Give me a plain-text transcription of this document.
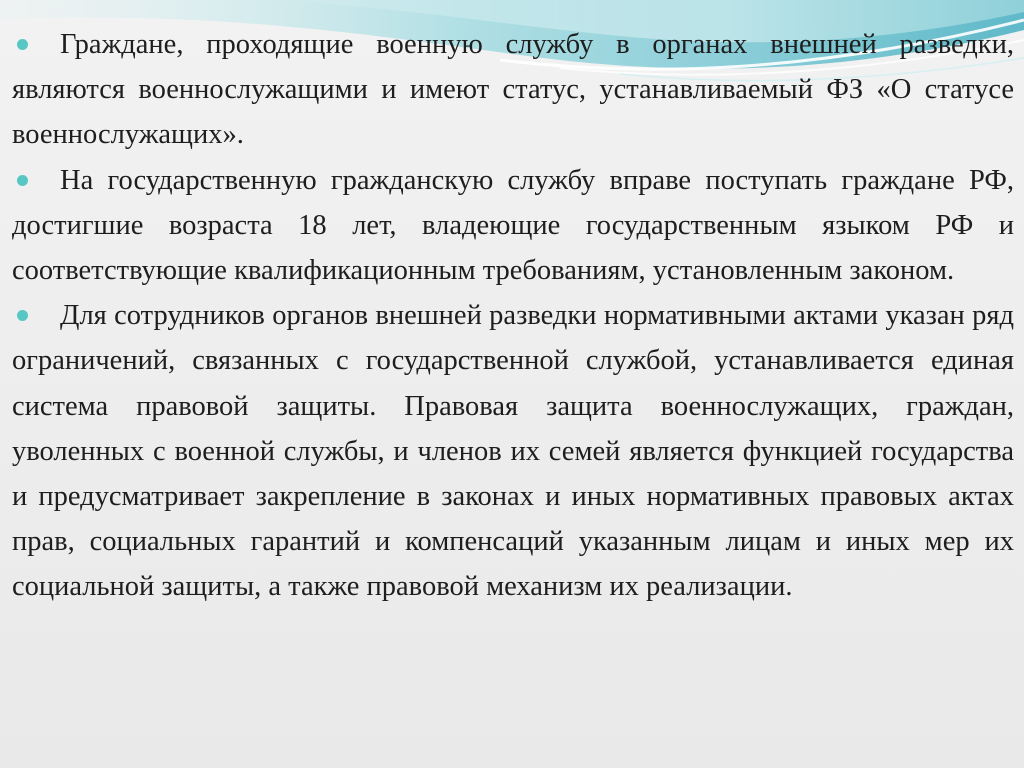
Граждане, проходящие военную службу в органах внешней разведки, являются военнослужащими и имеют статус, устанавливаемый ФЗ «О статусе военнослужащих».

На государственную гражданскую службу вправе поступать граждане РФ, достигшие возраста 18 лет, владеющие государственным языком РФ и соответствующие квалификационным требованиям, установленным законом.

Для сотрудников органов внешней разведки нормативными актами указан ряд ограничений, связанных с государственной службой, устанавливается единая система правовой защиты. Правовая защита военнослужащих, граждан, уволенных с военной службы, и членов их семей является функцией государства и предусматривает закрепление в законах и иных нормативных правовых актах прав, социальных гарантий и компенсаций указанным лицам и иных мер их социальной защиты, а также правовой механизм их реализации.
